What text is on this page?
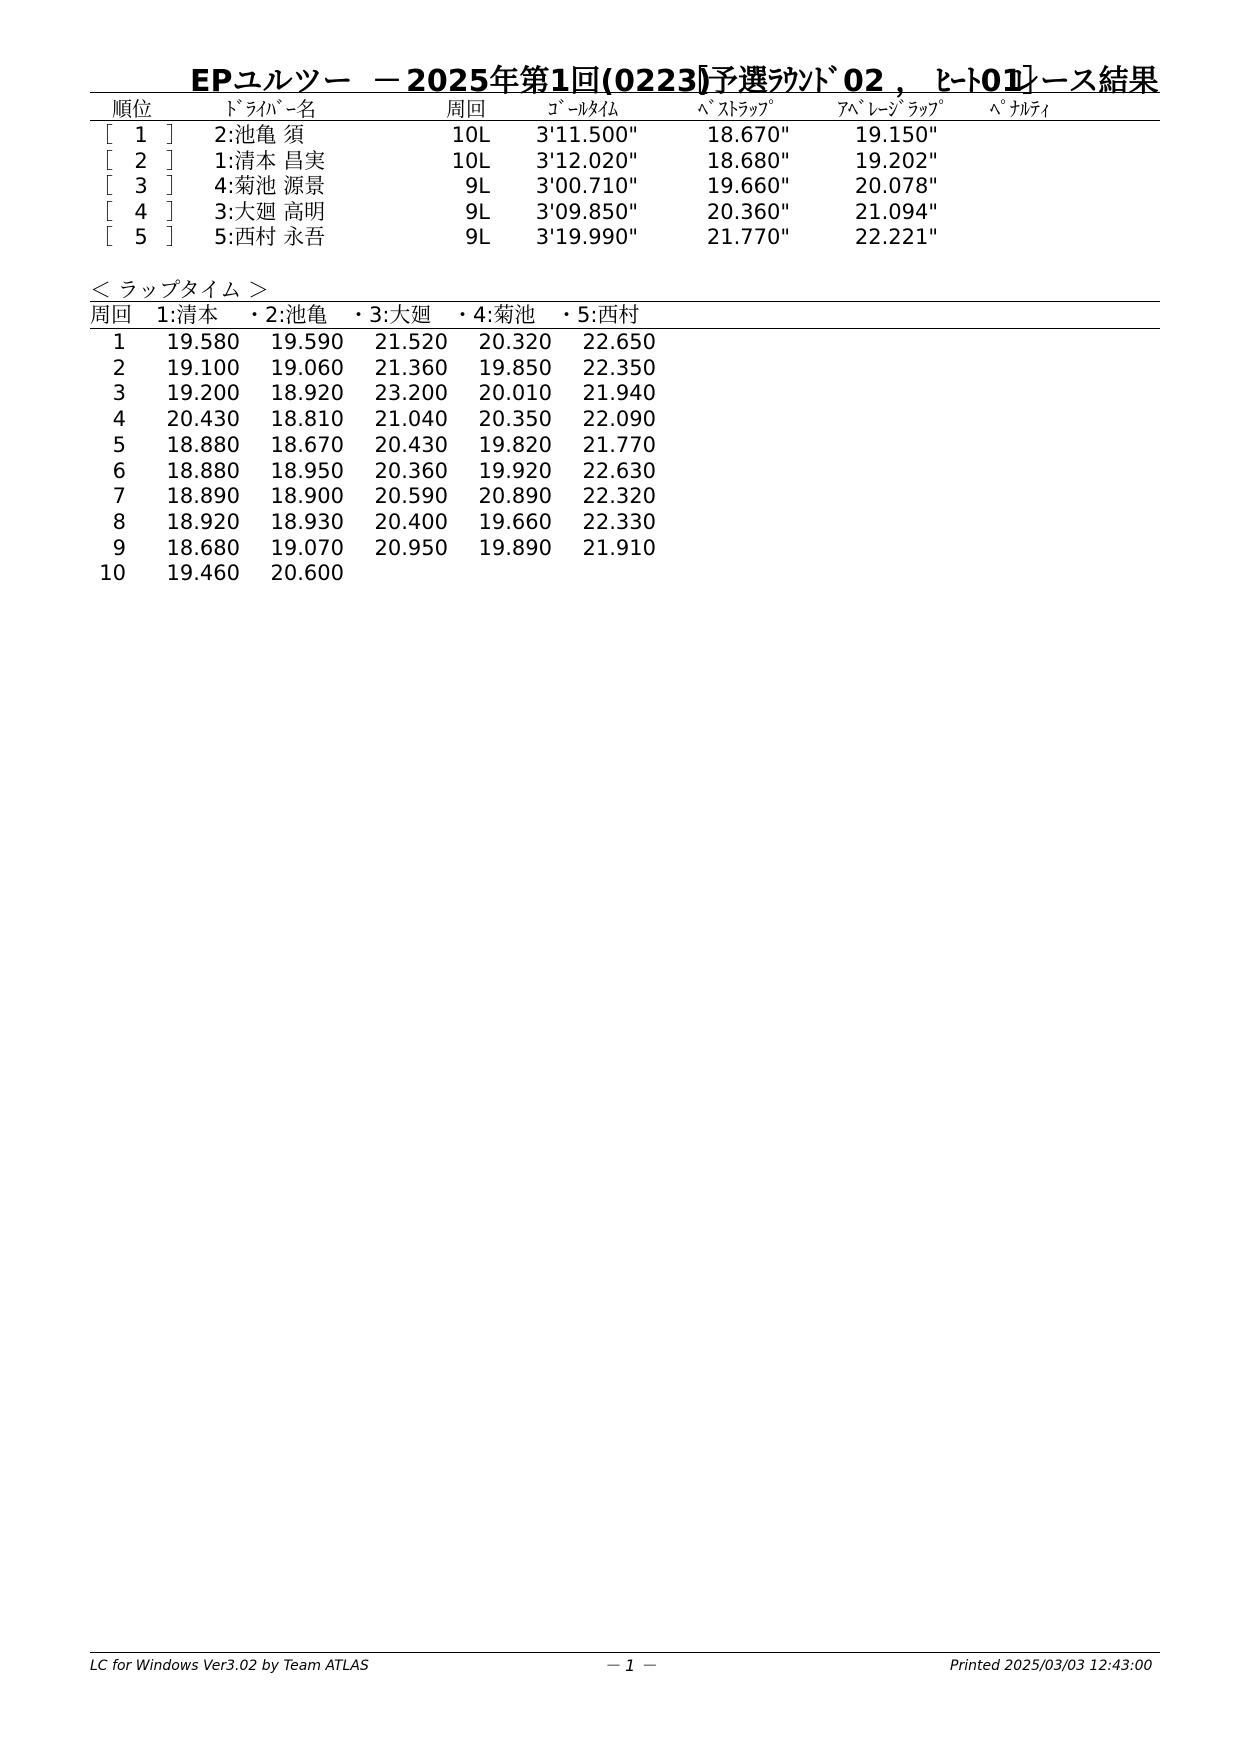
EPユルツー － 2025年第1回(0223)
［予選ﾗｳﾝﾄﾞ02 ， ﾋｰﾄ01］
レース結果
順位	ﾄﾞﾗｲﾊﾞｰ名	周回	ｺﾞｰﾙﾀｲﾑ	ﾍﾞｽﾄﾗｯﾌﾟ	ｱﾍﾞﾚｰｼﾞﾗｯﾌﾟ ﾍﾟﾅﾙﾃｨ
［	1 ］ 2:池亀 須	10L	3'11.500"	18.670"	19.150"
［	2 ］ 1:清本 昌実	10L	3'12.020"	18.680"	19.202"
［	3 ］ 4:菊池 源景	9L	3'00.710"	19.660"	20.078"
［	4 ］ 3:大廻 高明	9L	3'09.850"	20.360"	21.094"
［	5 ］ 5:西村 永吾	9L	3'19.990"	21.770"	22.221"
＜ ラップタイム ＞
周回 1:清本 ・2:池亀 ・3:大廻 ・4:菊池 ・5:西村
1	19.580	19.590	21.520	20.320	22.650
2	19.100	19.060	21.360	19.850	22.350
3	19.200	18.920	23.200	20.010	21.940
4	20.430	18.810	21.040	20.350	22.090
5	18.880	18.670	20.430	19.820	21.770
6	18.880	18.950	20.360	19.920	22.630
7	18.890	18.900	20.590	20.890	22.320
8	18.920	18.930	20.400	19.660	22.330
9	18.680	19.070	20.950	19.890	21.910
10	19.460	20.600
LC for Windows Ver3.02 by Team ATLAS	－ 1 －	Printed 2025/03/03 12:43:00
